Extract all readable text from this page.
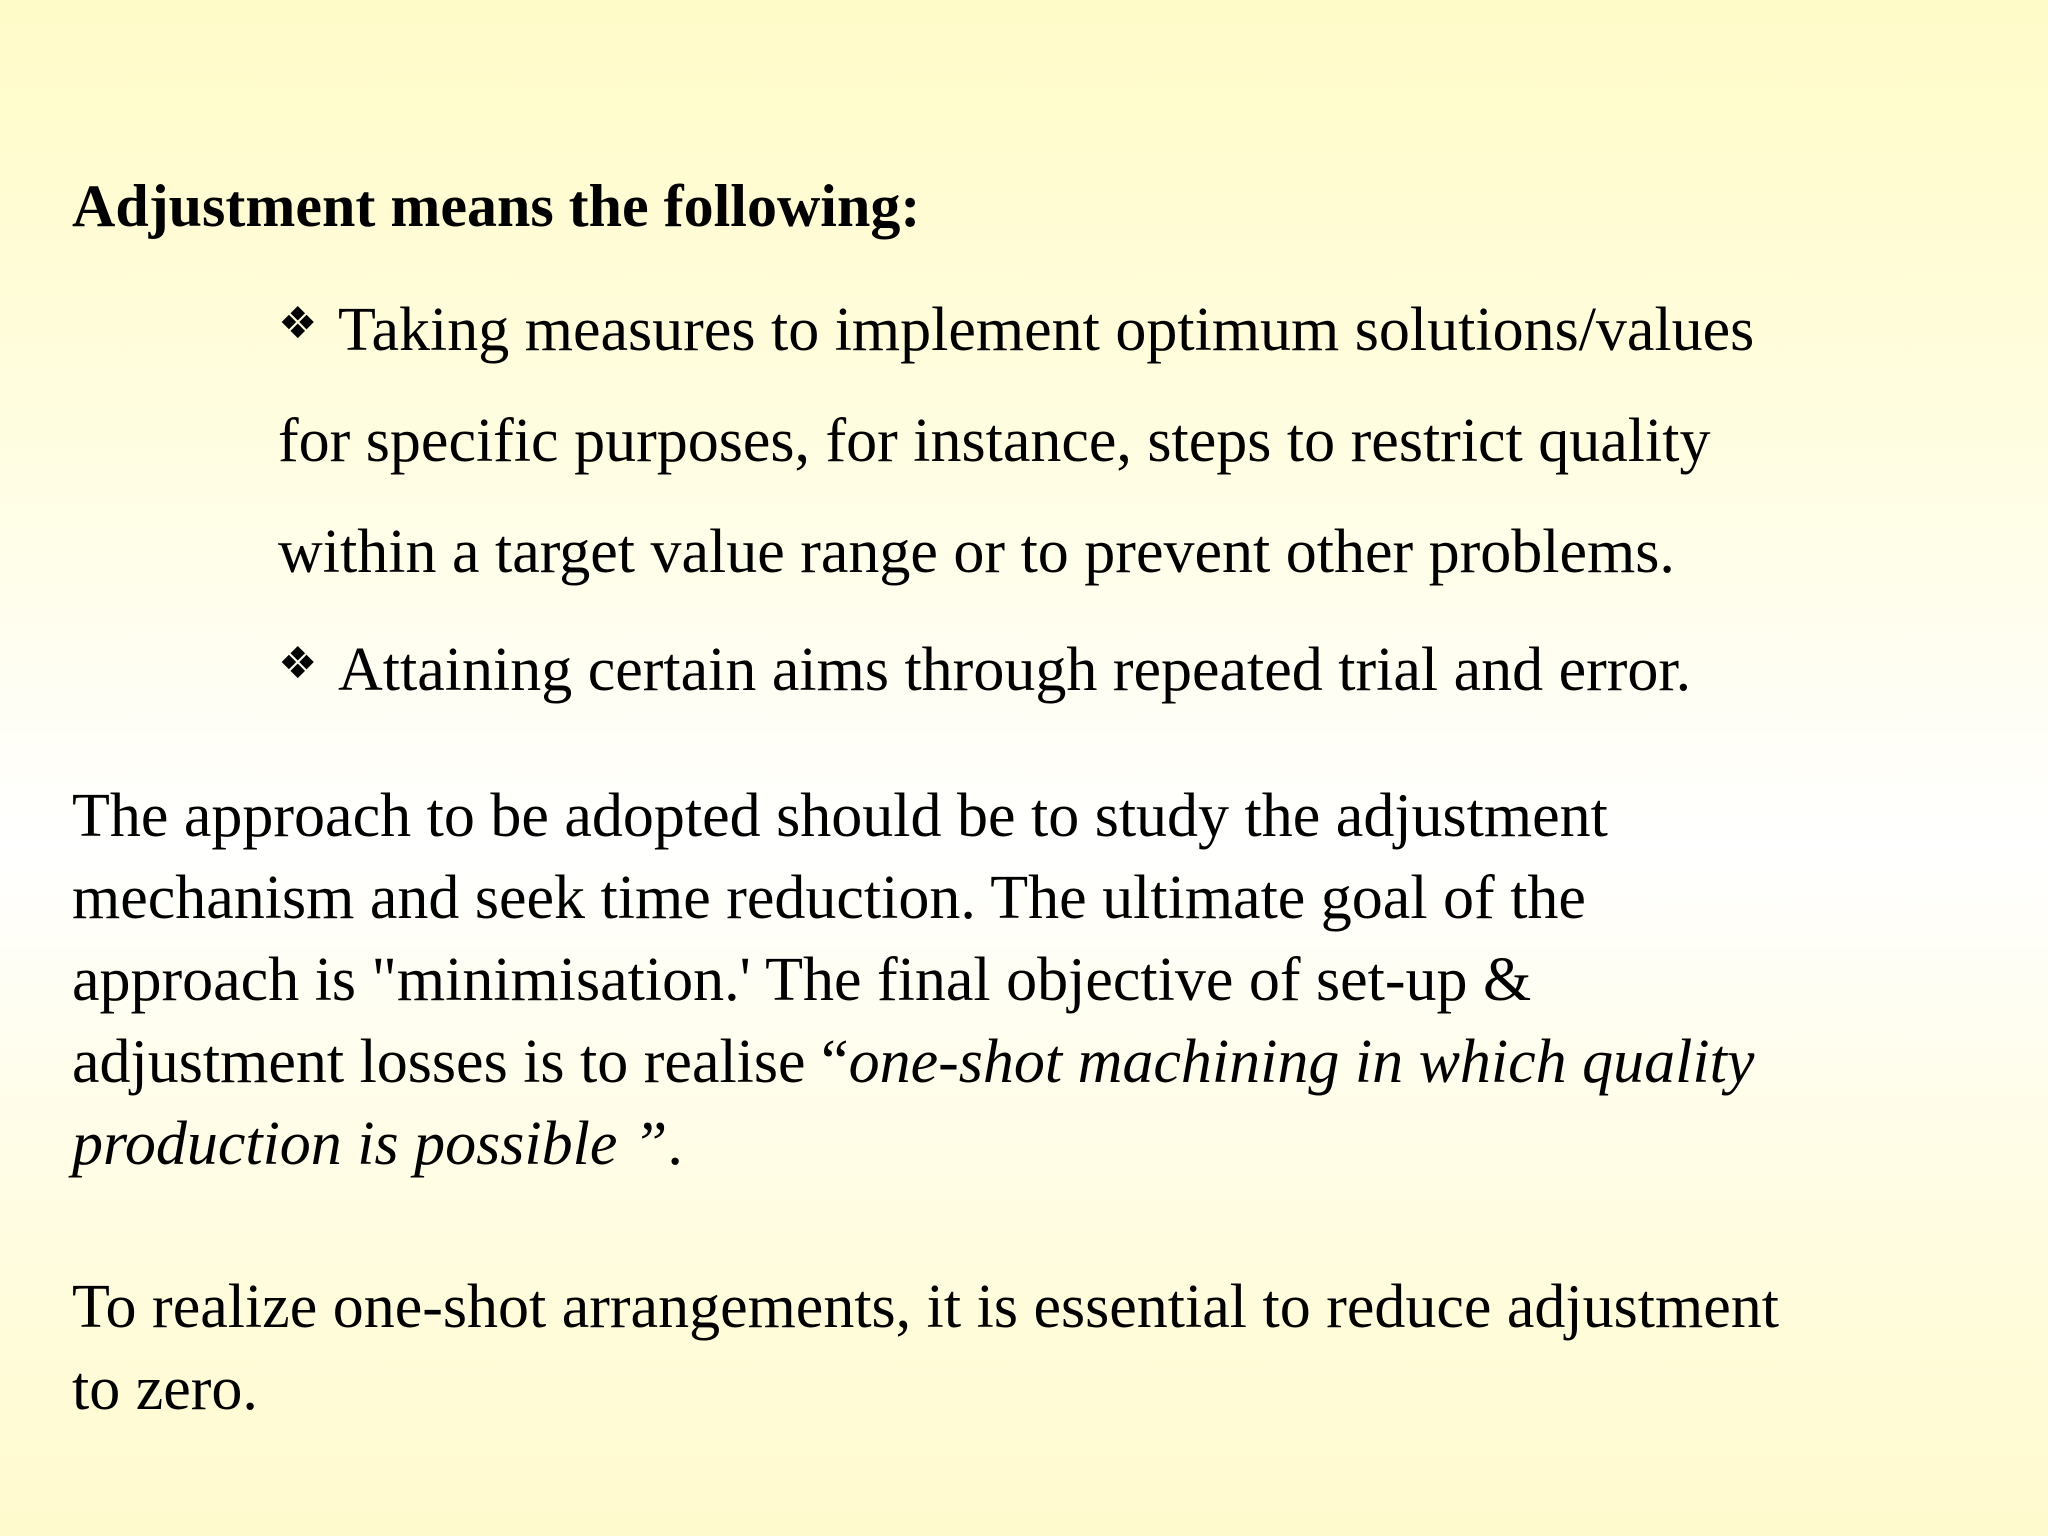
Adjustment means the following:
❖ Taking measures to implement optimum solutions/values
for specific purposes, for instance, steps to restrict quality
within a target value range or to prevent other problems.
❖ Attaining certain aims through repeated trial and error.

The approach to be adopted should be to study the adjustment
mechanism and seek time reduction. The ultimate goal of the
approach is "minimisation.' The final objective of set-up &
adjustment losses is to realise “one-shot machining in which quality
production is possible ”.

To realize one-shot arrangements, it is essential to reduce adjustment
to zero.
